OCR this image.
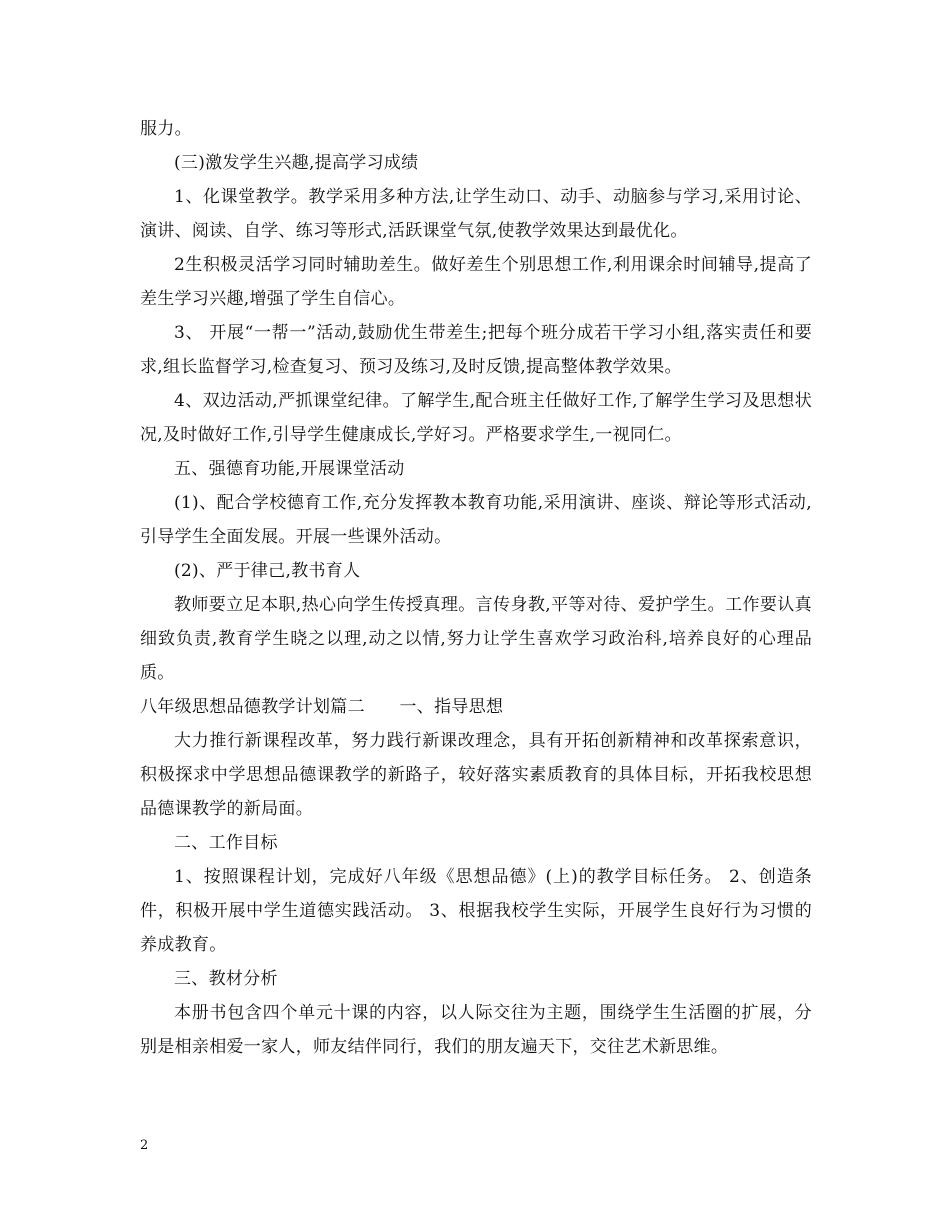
服力。

(三)激发学生兴趣,提高学习成绩

1、化课堂教学。教学采用多种方法,让学生动口、动手、动脑参与学习,采用讨论、演讲、阅读、自学、练习等形式,活跃课堂气氛,使教学效果达到最优化。

2生积极灵活学习同时辅助差生。做好差生个别思想工作,利用课余时间辅导,提高了差生学习兴趣,增强了学生自信心。

3、 开展“一帮一”活动,鼓励优生带差生;把每个班分成若干学习小组,落实责任和要求,组长监督学习,检查复习、预习及练习,及时反馈,提高整体教学效果。

4、双边活动,严抓课堂纪律。了解学生,配合班主任做好工作,了解学生学习及思想状况,及时做好工作,引导学生健康成长,学好习。严格要求学生,一视同仁。

五、强德育功能,开展课堂活动

(1)、配合学校德育工作,充分发挥教本教育功能,采用演讲、座谈、辩论等形式活动,引导学生全面发展。开展一些课外活动。

(2)、严于律己,教书育人

教师要立足本职,热心向学生传授真理。言传身教,平等对待、爱护学生。工作要认真细致负责,教育学生晓之以理,动之以情,努力让学生喜欢学习政治科,培养良好的心理品质。

八年级思想品德教学计划篇二　　一、指导思想

大力推行新课程改革，努力践行新课改理念，具有开拓创新精神和改革探索意识，积极探求中学思想品德课教学的新路子，较好落实素质教育的具体目标，开拓我校思想品德课教学的新局面。

二、工作目标

1、按照课程计划，完成好八年级《思想品德》(上)的教学目标任务。 2、创造条件，积极开展中学生道德实践活动。 3、根据我校学生实际，开展学生良好行为习惯的养成教育。

三、教材分析

本册书包含四个单元十课的内容，以人际交往为主题，围绕学生生活圈的扩展，分别是相亲相爱一家人，师友结伴同行，我们的朋友遍天下，交往艺术新思维。

2
